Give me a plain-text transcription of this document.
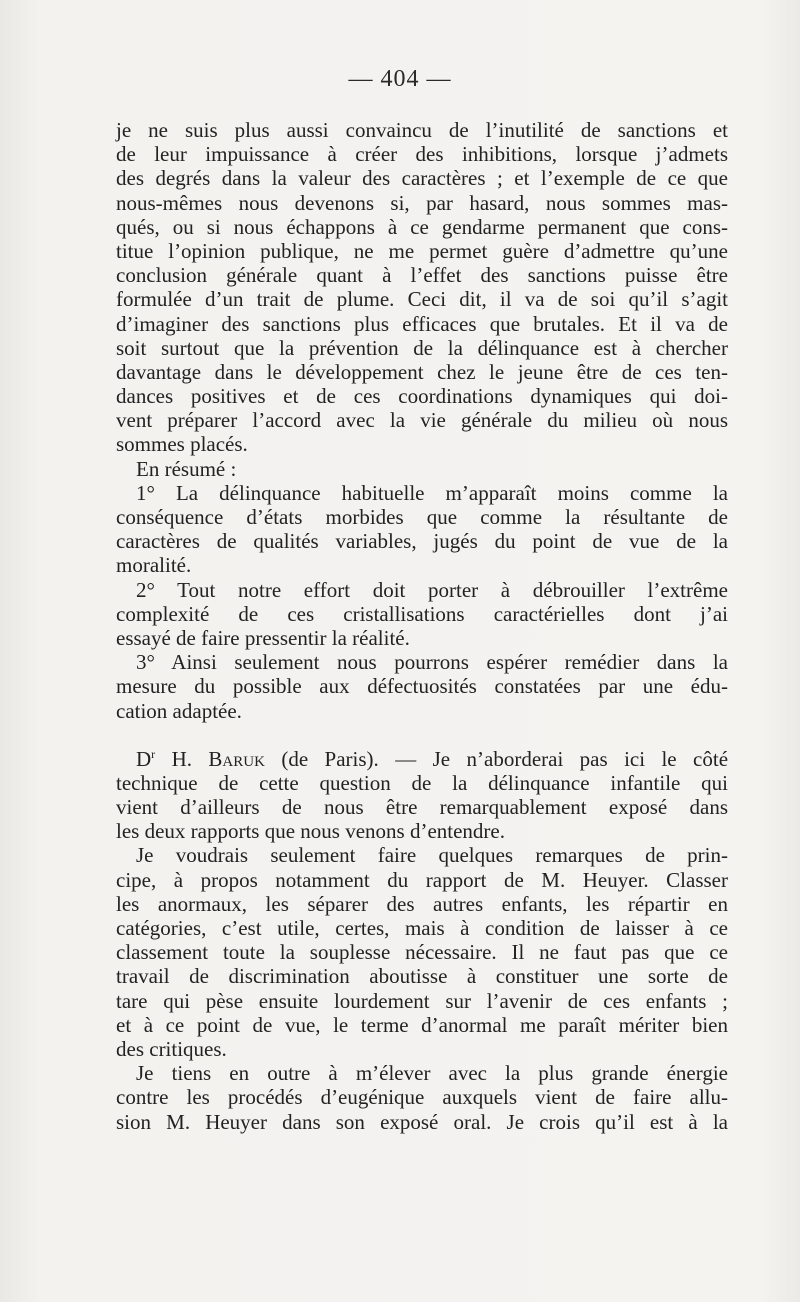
— 404 —
je ne suis plus aussi convaincu de l’inutilité de sanctions et
de leur impuissance à créer des inhibitions, lorsque j’admets
des degrés dans la valeur des caractères ; et l’exemple de ce que
nous-mêmes nous devenons si, par hasard, nous sommes mas-
qués, ou si nous échappons à ce gendarme permanent que cons-
titue l’opinion publique, ne me permet guère d’admettre qu’une
conclusion générale quant à l’effet des sanctions puisse être
formulée d’un trait de plume. Ceci dit, il va de soi qu’il s’agit
d’imaginer des sanctions plus efficaces que brutales. Et il va de
soit surtout que la prévention de la délinquance est à chercher
davantage dans le développement chez le jeune être de ces ten-
dances positives et de ces coordinations dynamiques qui doi-
vent préparer l’accord avec la vie générale du milieu où nous
sommes placés.
En résumé :
1° La délinquance habituelle m’apparaît moins comme la
conséquence d’états morbides que comme la résultante de
caractères de qualités variables, jugés du point de vue de la
moralité.
2° Tout notre effort doit porter à débrouiller l’extrême
complexité de ces cristallisations caractérielles dont j’ai
essayé de faire pressentir la réalité.
3° Ainsi seulement nous pourrons espérer remédier dans la
mesure du possible aux défectuosités constatées par une édu-
cation adaptée.
$D^r$ H. Baruk (de Paris). — Je n’aborderai pas ici le côté
technique de cette question de la délinquance infantile qui
vient d’ailleurs de nous être remarquablement exposé dans
les deux rapports que nous venons d’entendre.
Je voudrais seulement faire quelques remarques de prin-
cipe, à propos notamment du rapport de M. Heuyer. Classer
les anormaux, les séparer des autres enfants, les répartir en
catégories, c’est utile, certes, mais à condition de laisser à ce
classement toute la souplesse nécessaire. Il ne faut pas que ce
travail de discrimination aboutisse à constituer une sorte de
tare qui pèse ensuite lourdement sur l’avenir de ces enfants ;
et à ce point de vue, le terme d’anormal me paraît mériter bien
des critiques.
Je tiens en outre à m’élever avec la plus grande énergie
contre les procédés d’eugénique auxquels vient de faire allu-
sion M. Heuyer dans son exposé oral. Je crois qu’il est à la
